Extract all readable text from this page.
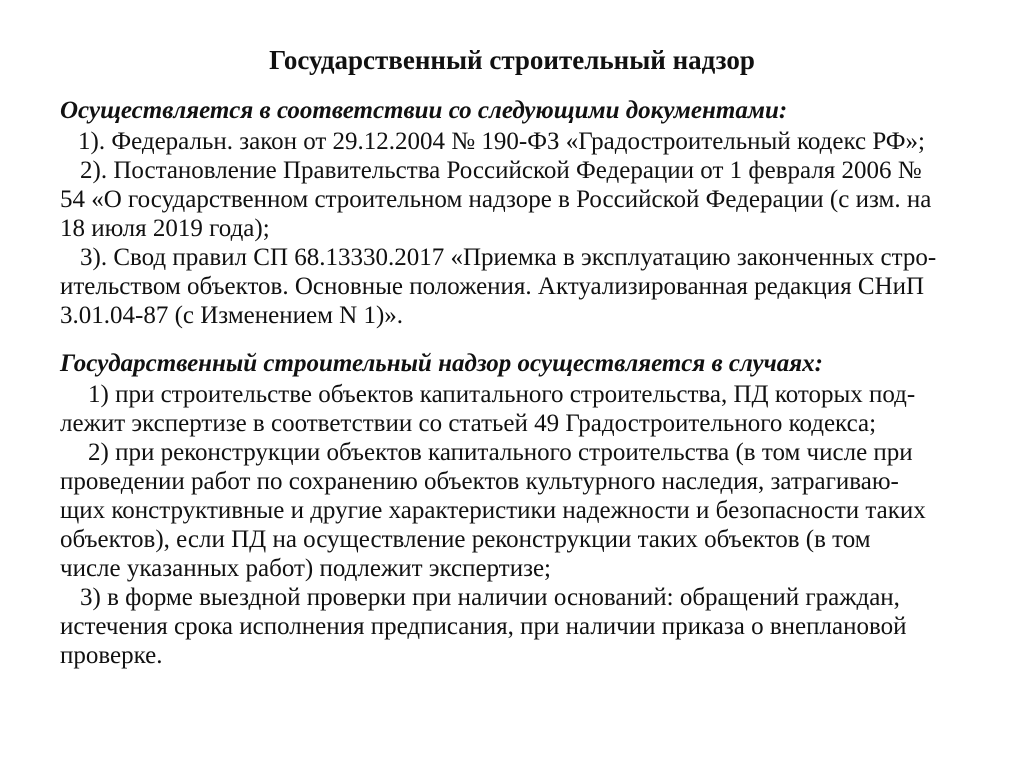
Государственный строительный надзор
Осуществляется в соответствии со следующими документами:
1). Федеральн. закон от 29.12.2004 № 190-ФЗ «Градостроительный кодекс РФ»;
2). Постановление Правительства Российской Федерации от 1 февраля 2006 №
54 «О государственном строительном надзоре в Российской Федерации (с изм. на
18 июля 2019 года);
3). Свод правил СП 68.13330.2017 «Приемка в эксплуатацию законченных стро-
ительством объектов. Основные положения. Актуализированная редакция СНиП
3.01.04-87 (с Изменением N 1)».
Государственный строительный надзор осуществляется в случаях:
1) при строительстве объектов капитального строительства, ПД которых под-
лежит экспертизе в соответствии со статьей 49 Градостроительного кодекса;
2) при реконструкции объектов капитального строительства (в том числе при
проведении работ по сохранению объектов культурного наследия, затрагиваю-
щих конструктивные и другие характеристики надежности и безопасности таких
объектов), если ПД на осуществление реконструкции таких объектов (в том
числе указанных работ) подлежит экспертизе;
3) в форме выездной проверки при наличии оснований: обращений граждан,
истечения срока исполнения предписания, при наличии приказа о внеплановой
проверке.
